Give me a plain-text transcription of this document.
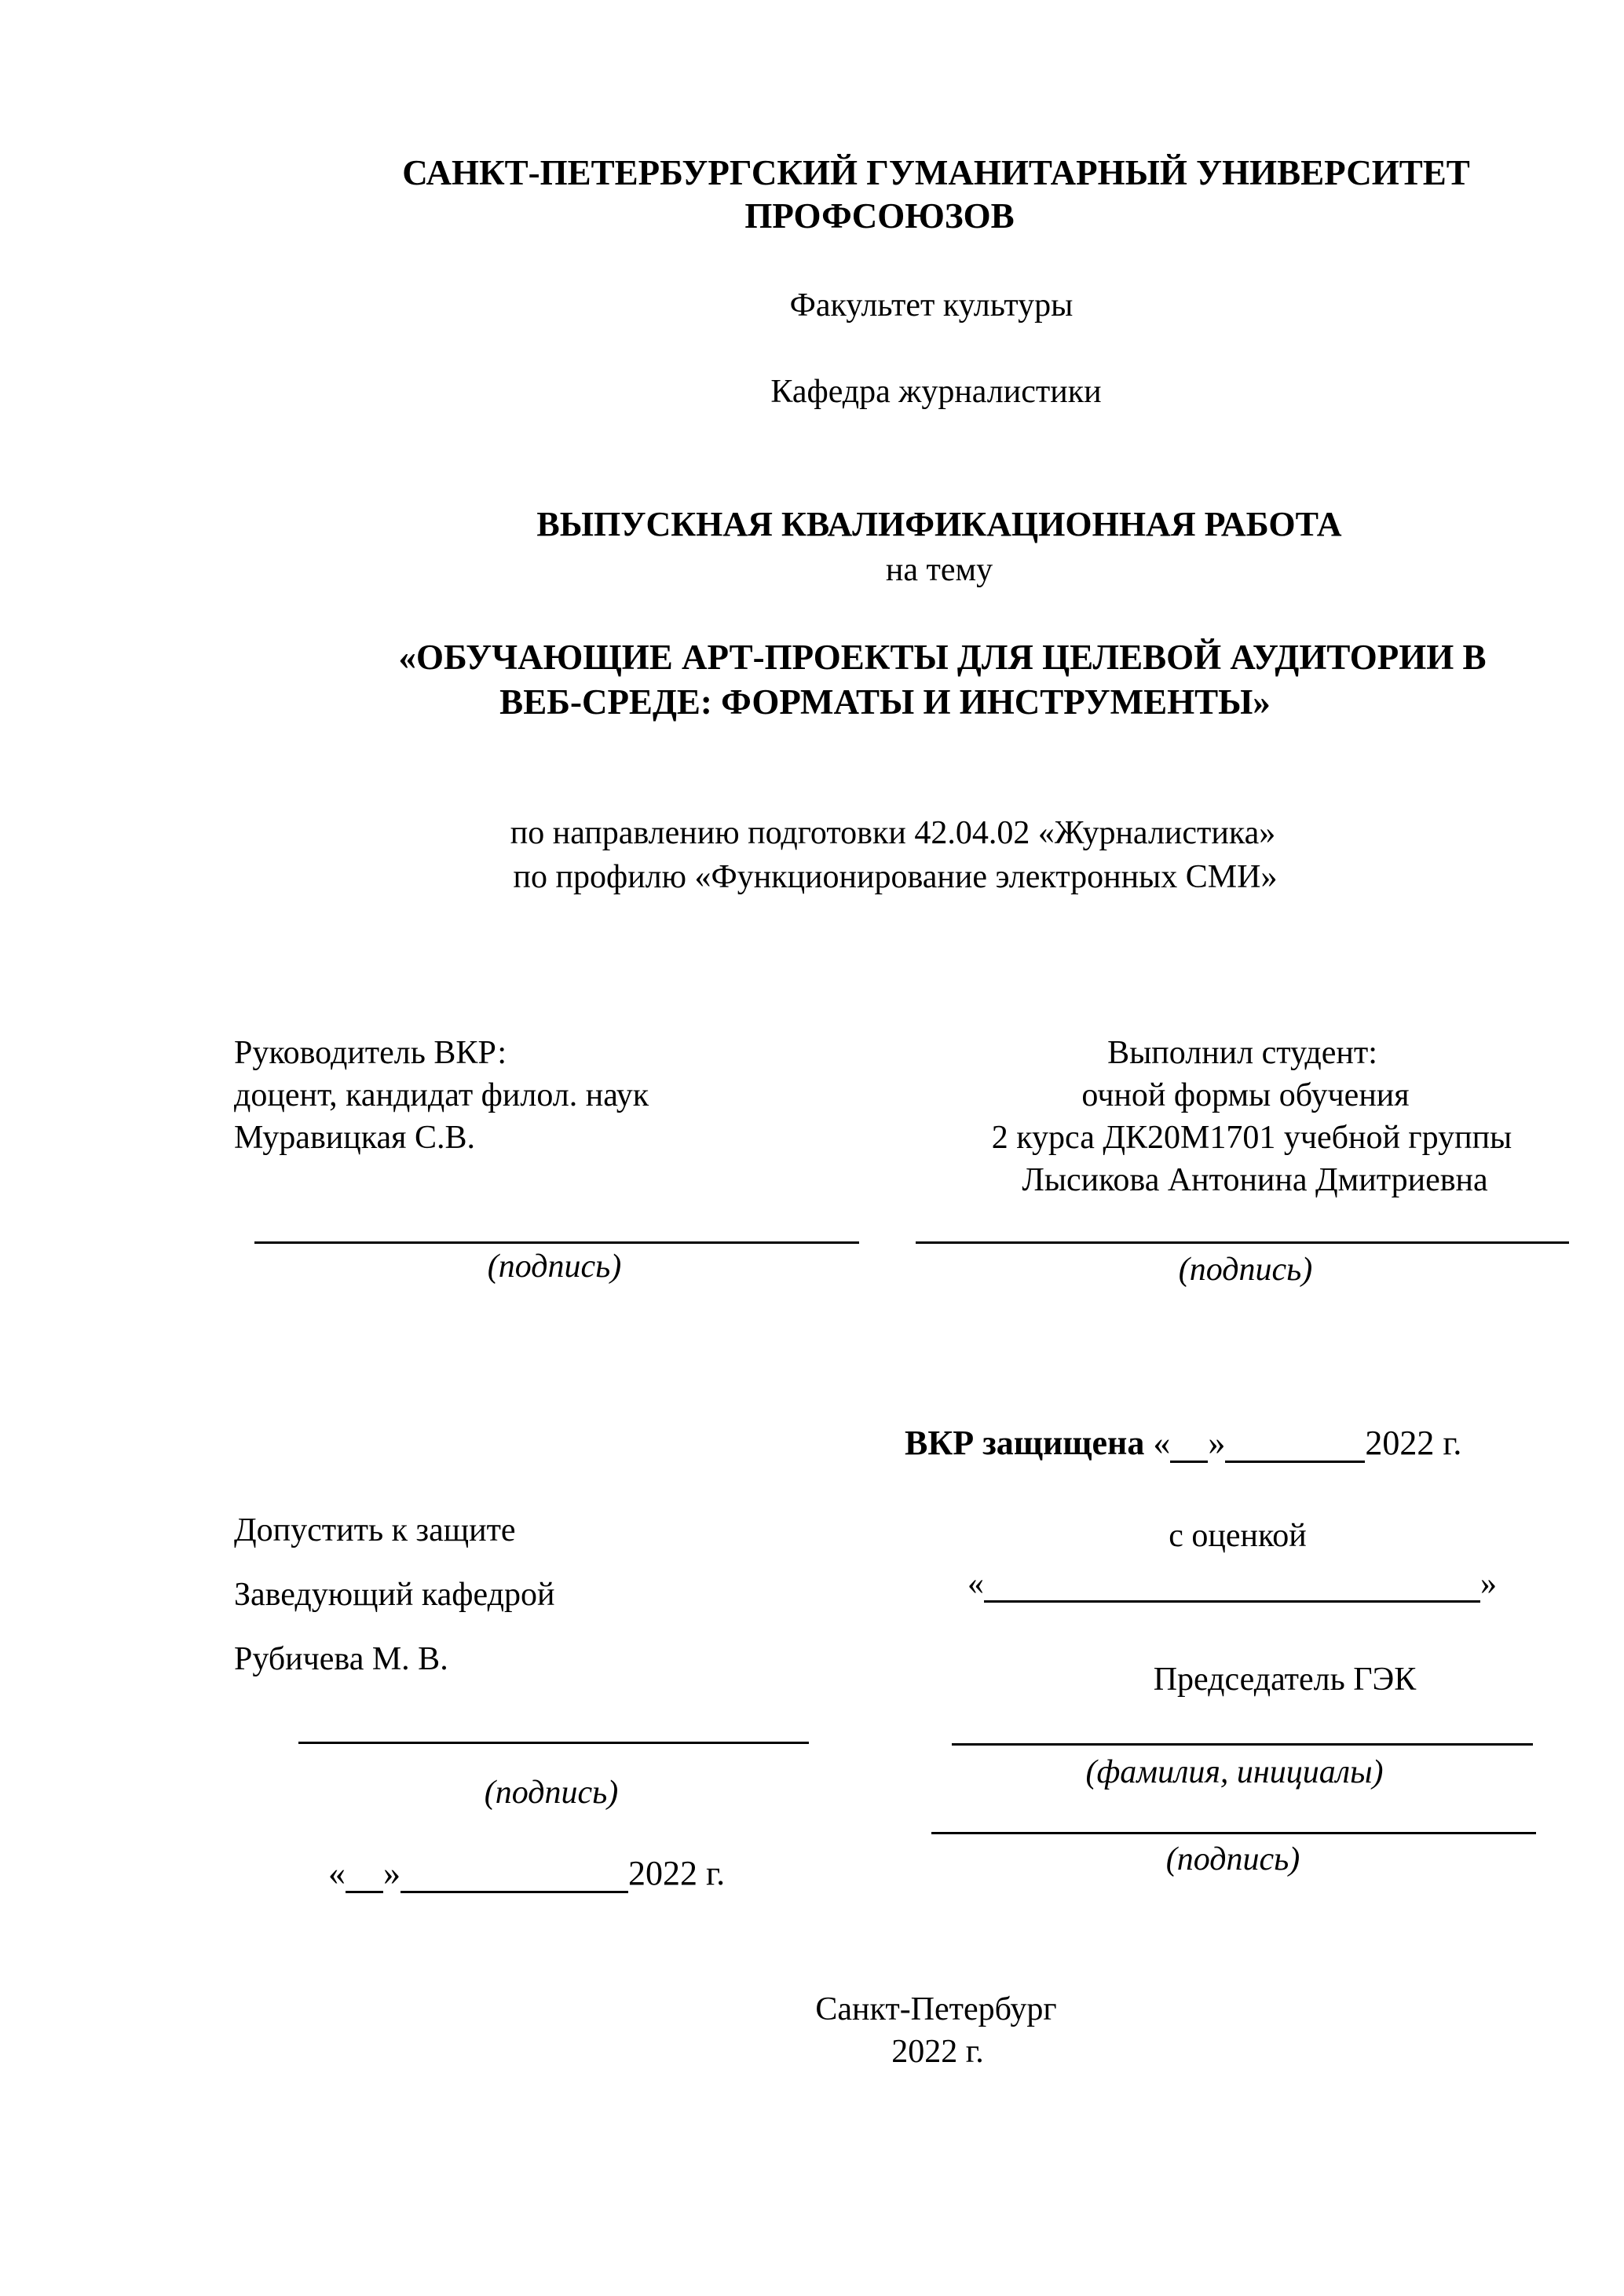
САНКТ-ПЕТЕРБУРГСКИЙ ГУМАНИТАРНЫЙ УНИВЕРСИТЕТ
ПРОФСОЮЗОВ
Факультет культуры
Кафедра журналистики
ВЫПУСКНАЯ КВАЛИФИКАЦИОННАЯ РАБОТА
на тему
«ОБУЧАЮЩИЕ АРТ-ПРОЕКТЫ ДЛЯ ЦЕЛЕВОЙ АУДИТОРИИ В
ВЕБ-СРЕДЕ: ФОРМАТЫ И ИНСТРУМЕНТЫ»
по направлению подготовки 42.04.02 «Журналистика»
по профилю «Функционирование электронных СМИ»
Руководитель ВКР:
доцент, кандидат филол. наук
Муравицкая С.В.
(подпись)
Выполнил студент:
очной формы обучения
2 курса ДК20М1701 учебной группы
Лысикова Антонина Дмитриевна
(подпись)
ВКР защищена « »	2022 г.
с оценкой
«	»
Председатель ГЭК
(фамилия, инициалы)
(подпись)
Допустить к защите
Заведующий кафедрой
Рубичева М. В.
(подпись)
« »	2022 г.
Санкт-Петербург
2022 г.
